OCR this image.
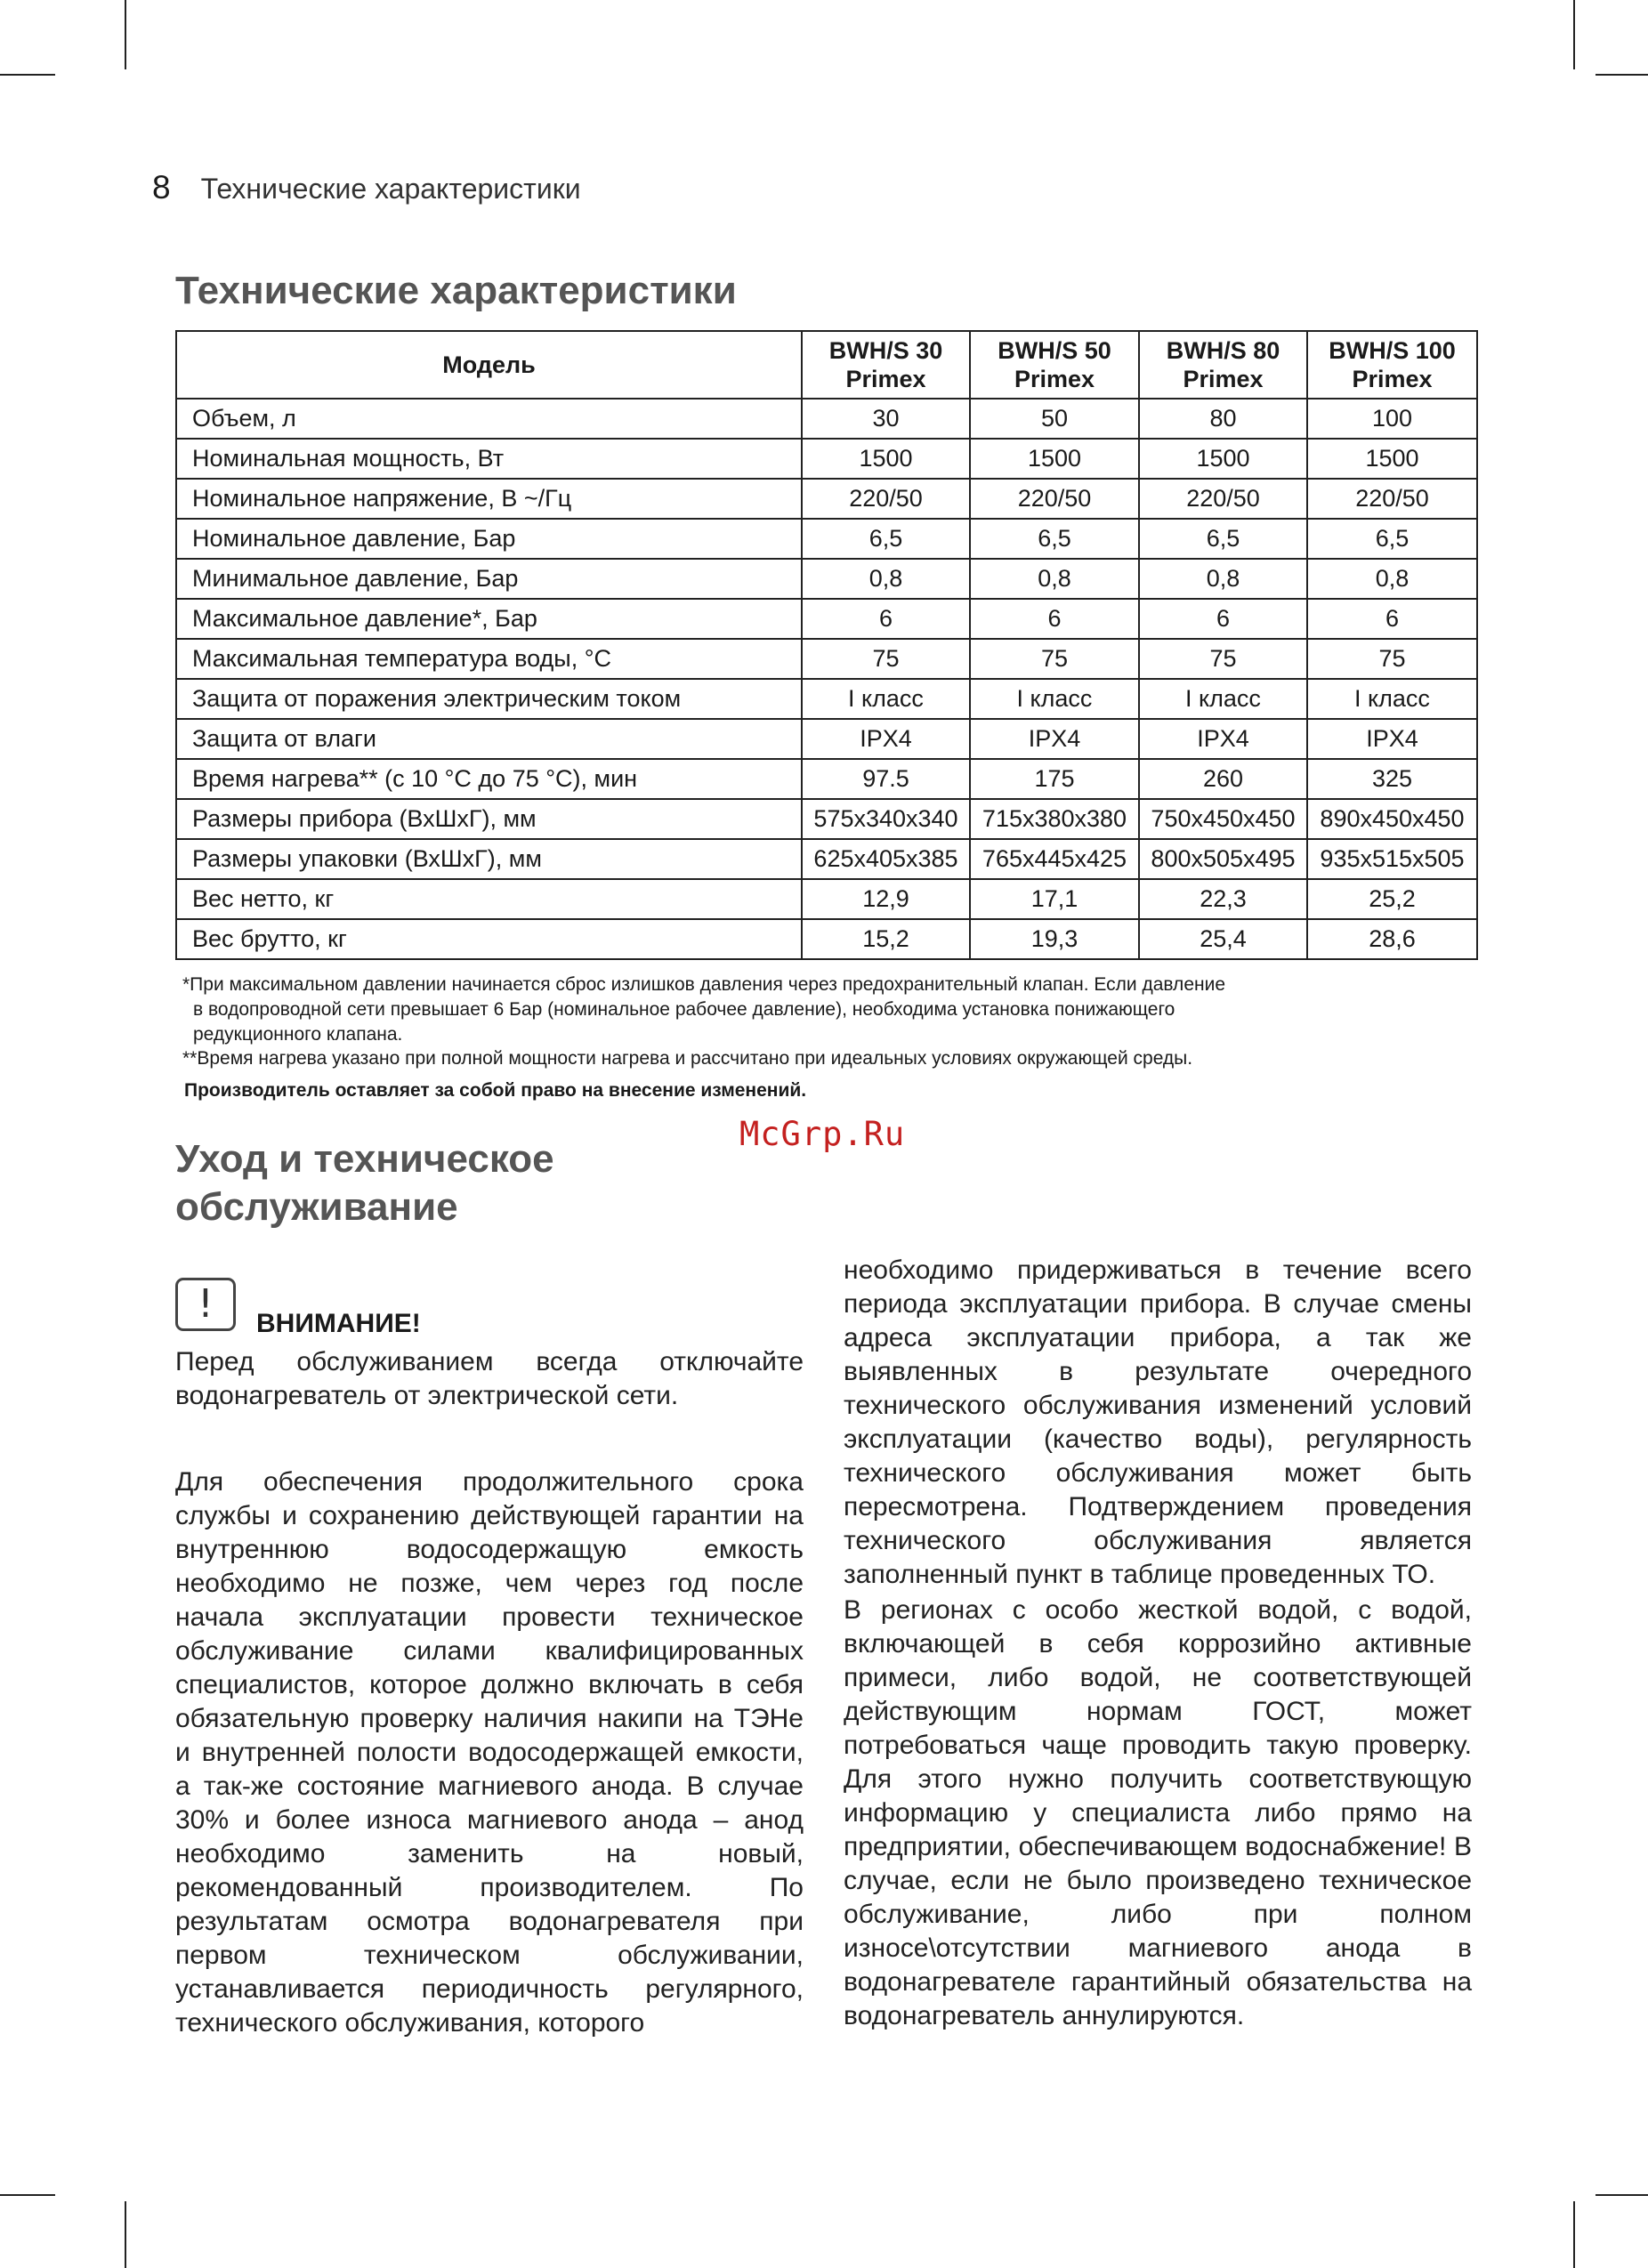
8 Технические характеристики
Технические характеристики
Модель	BWH/S 30 Primex	BWH/S 50 Primex	BWH/S 80 Primex	BWH/S 100 Primex
Объем, л	30	50	80	100
Номинальная мощность, Вт	1500	1500	1500	1500
Номинальное напряжение, В ~/Гц	220/50	220/50	220/50	220/50
Номинальное давление, Бар	6,5	6,5	6,5	6,5
Минимальное давление, Бар	0,8	0,8	0,8	0,8
Максимальное давление*, Бар	6	6	6	6
Максимальная температура воды, °С	75	75	75	75
Защита от поражения электрическим током	I класс	I класс	I класс	I класс
Защита от влаги	IPX4	IPX4	IPX4	IPX4
Время нагрева** (с 10 °С до 75 °С), мин	97.5	175	260	325
Размеры прибора (ВхШхГ), мм	575x340x340	715x380x380	750x450x450	890x450x450
Размеры упаковки (ВхШхГ), мм	625x405x385	765x445x425	800x505x495	935x515x505
Вес нетто, кг	12,9	17,1	22,3	25,2
Вес брутто, кг	15,2	19,3	25,4	28,6
*При максимальном давлении начинается сброс излишков давления через предохранительный клапан. Если давление
в водопроводной сети превышает 6 Бар (номинальное рабочее давление), необходима установка понижающего
редукционного клапана.
**Время нагрева указано при полной мощности нагрева и рассчитано при идеальных условиях окружающей среды.
Производитель оставляет за собой право на внесение изменений.
McGrp.Ru
Уход и техническое
обслуживание
!	ВНИМАНИЕ!

Перед обслуживанием всегда отключайте водонагреватель от электрической сети.

Для обеспечения продолжительного срока службы и сохранению действующей гарантии на внутреннюю водосодержащую емкость необходимо не позже, чем через год после начала эксплуатации провести техническое обслуживание силами квалифицированных специалистов, которое должно включать в себя обязательную проверку наличия накипи на ТЭНе и внутренней полости водосодержащей емкости, а так-же состояние магниевого анода. В случае 30% и более износа магниевого анода – анод необходимо заменить на новый, рекомендованный производителем. По результатам осмотра водонагревателя при первом техническом обслуживании, устанавливается периодичность регулярного, технического обслуживания, которого

необходимо придерживаться в течение всего периода эксплуатации прибора. В случае смены адреса эксплуатации прибора, а так же выявленных в результате очередного технического обслуживания изменений условий эксплуатации (качество воды), регулярность технического обслуживания может быть пересмотрена. Подтверждением проведения технического обслуживания является заполненный пункт в таблице проведенных ТО.

В регионах с особо жесткой водой, с водой, включающей в себя коррозийно активные примеси, либо водой, не соответствующей действующим нормам ГОСТ, может потребоваться чаще проводить такую проверку. Для этого нужно получить соответствующую информацию у специалиста либо прямо на предприятии, обеспечивающем водоснабжение! В случае, если не было произведено техническое обслуживание, либо при полном износе\отсутствии магниевого анода в водонагревателе гарантийный обязательства на водонагреватель аннулируются.
